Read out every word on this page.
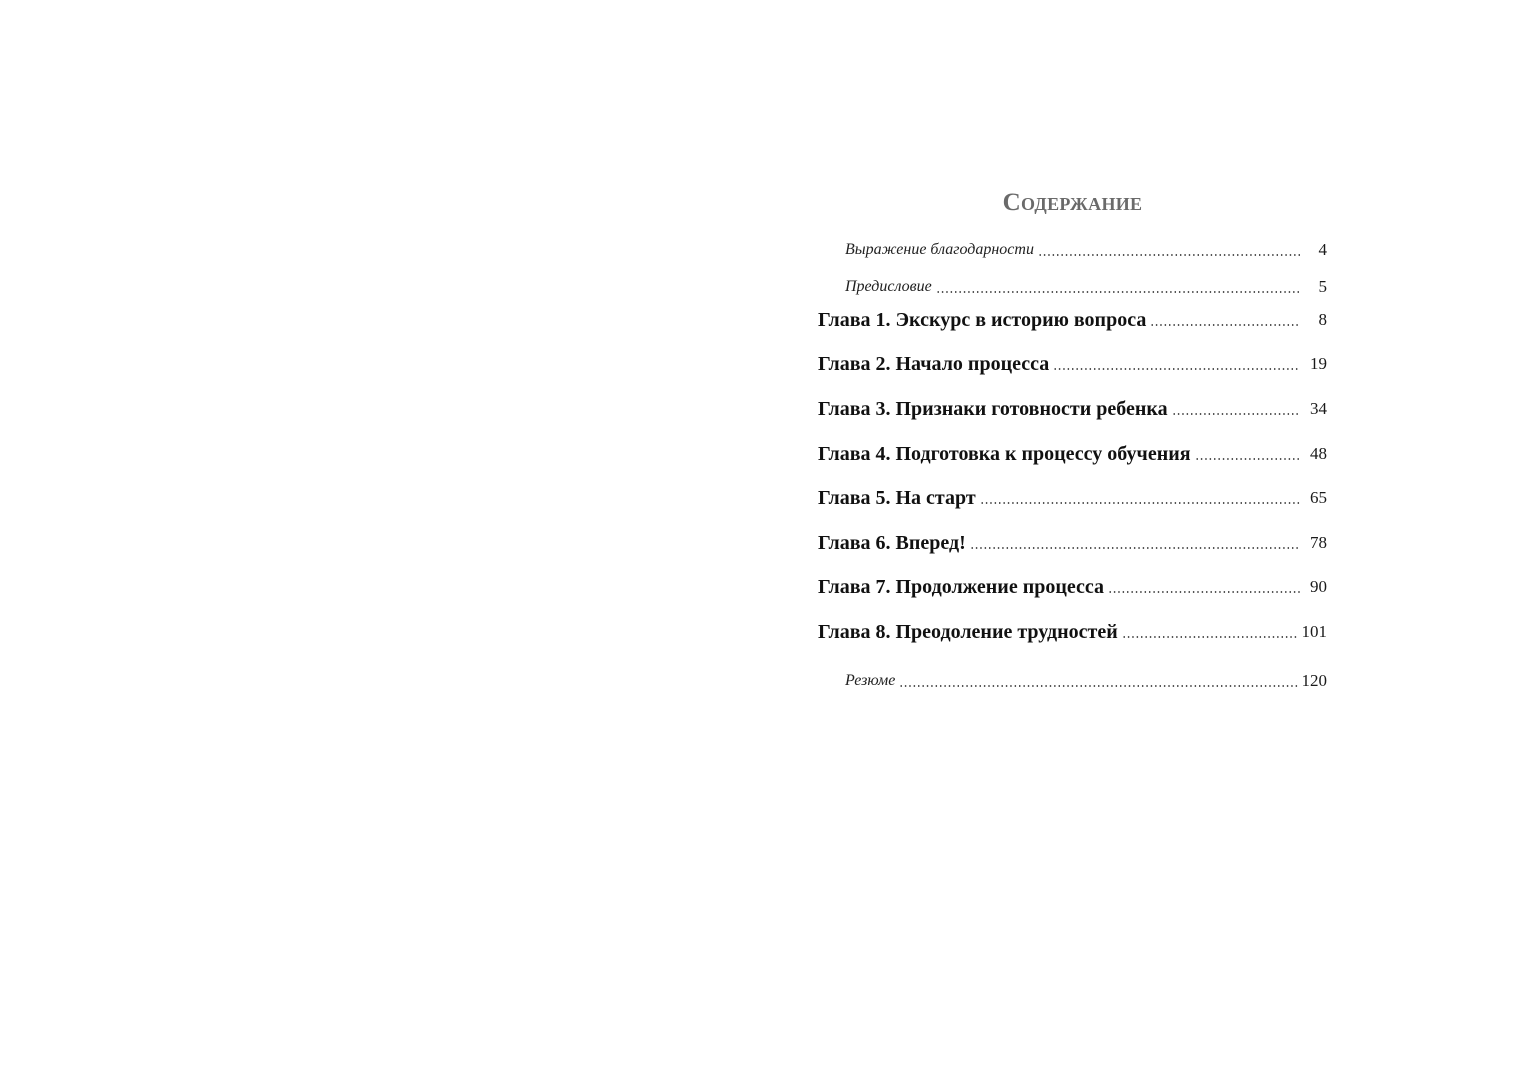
Содержание
Выражение благодарности	4
Предисловие	5
Глава 1. Экскурс в историю вопроса	8
Глава 2. Начало процесса	19
Глава 3. Признаки готовности ребенка	34
Глава 4. Подготовка к процессу обучения	48
Глава 5. На старт	65
Глава 6. Вперед!	78
Глава 7. Продолжение процесса	90
Глава 8. Преодоление трудностей	101
Резюме	120
